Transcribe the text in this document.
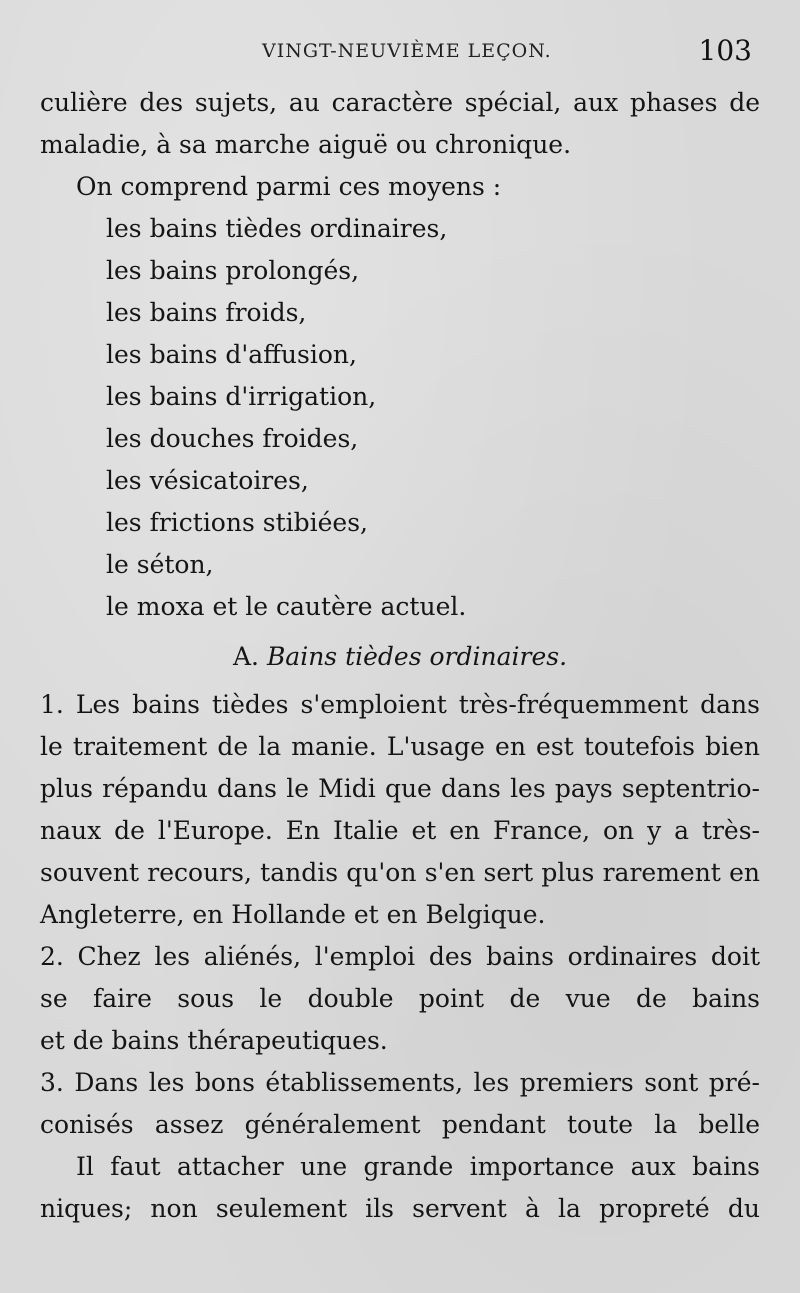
VINGT-NEUVIÈME LEÇON.	103
culière des sujets, au caractère spécial, aux phases de
maladie, à sa marche aiguë ou chronique.
On comprend parmi ces moyens :
les bains tièdes ordinaires,
les bains prolongés,
les bains froids,
les bains d'affusion,
les bains d'irrigation,
les douches froides,
les vésicatoires,
les frictions stibiées,
le séton,
le moxa et le cautère actuel.
A. Bains tièdes ordinaires.
1. Les bains tièdes s'emploient très-fréquemment dans
le traitement de la manie. L'usage en est toutefois bien
plus répandu dans le Midi que dans les pays septentrio-
naux de l'Europe. En Italie et en France, on y a très-
souvent recours, tandis qu'on s'en sert plus rarement en
Angleterre, en Hollande et en Belgique.
2. Chez les aliénés, l'emploi des bains ordinaires doit
se faire sous le double point de vue de bains
et de bains thérapeutiques.
3. Dans les bons établissements, les premiers sont pré-
conisés assez généralement pendant toute la belle
Il faut attacher une grande importance aux bains
niques; non seulement ils servent à la propreté du
